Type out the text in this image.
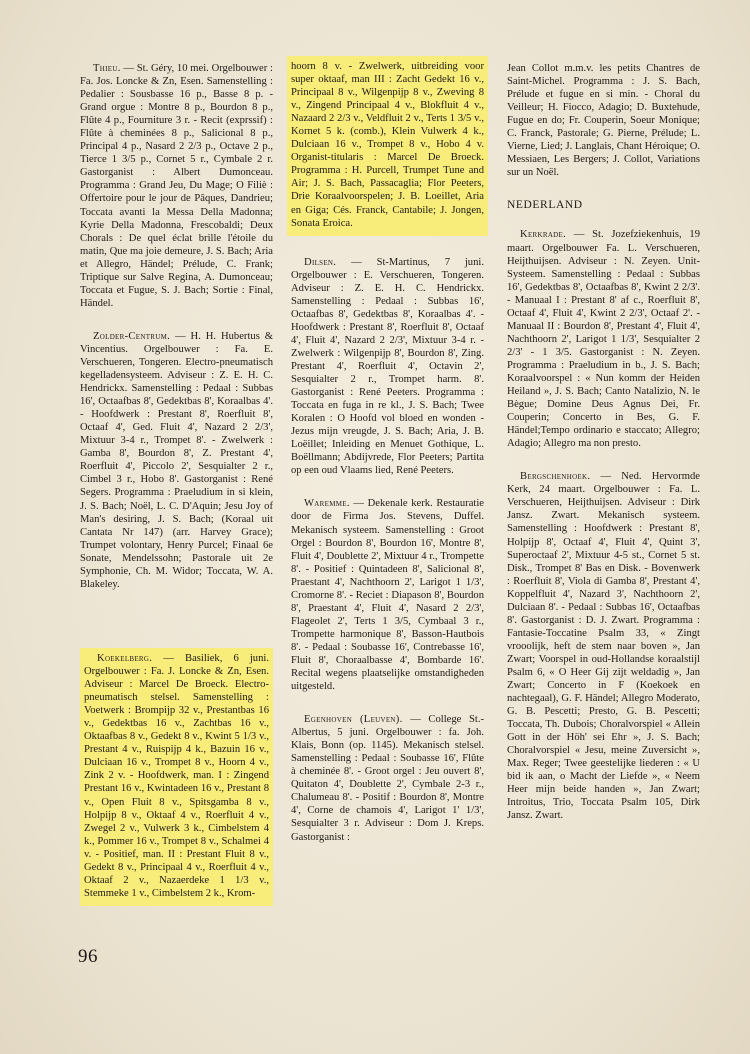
Thieu. — St. Géry, 10 mei. Orgelbouwer : Fa. Jos. Loncke & Zn, Esen. Samenstelling : Pedalier : Sousbasse 16 p., Basse 8 p. - Grand orgue : Montre 8 p., Bourdon 8 p., Flûte 4 p., Fourniture 3 r. - Recit (exprssif) : Flûte à cheminées 8 p., Salicional 8 p., Principal 4 p., Nasard 2 2/3 p., Octave 2 p., Tierce 1 3/5 p., Cornet 5 r., Cymbale 2 r. Gastorganist : Albert Dumonceau. Programma : Grand Jeu, Du Mage; O Filiè : Offertoire pour le jour de Pâques, Dandrieu; Toccata avanti la Messa Della Madonna; Kyrie Della Madonna, Frescobaldi; Deux Chorals : De quel éclat brille l'étoile du matin, Que ma joie demeure, J. S. Bach; Aria et Allegro, Händel; Prélude, C. Frank; Triptique sur Salve Regina, A. Dumonceau; Toccata et Fugue, S. J. Bach; Sortie : Final, Händel.
Zolder-Centrum. — H. H. Hubertus & Vincentius. Orgelbouwer : Fa. E. Verschueren, Tongeren. Electro-pneumatisch kegelladensysteem. Adviseur : Z. E. H. C. Hendrickx. Samenstelling : Pedaal : Subbas 16', Octaafbas 8', Gedektbas 8', Koraalbas 4'. - Hoofdwerk : Prestant 8', Roerfluit 8', Octaaf 4', Ged. Fluit 4', Nazard 2 2/3', Mixtuur 3-4 r., Trompet 8'. - Zwelwerk : Gamba 8', Bourdon 8', Z. Prestant 4', Roerfluit 4', Piccolo 2', Sesquialter 2 r., Cimbel 3 r., Hobo 8'. Gastorganist : René Segers. Programma : Praeludium in si klein, J. S. Bach; Noël, L. C. D'Aquin; Jesu Joy of Man's desiring, J. S. Bach; (Koraal uit Cantata Nr 147) (arr. Harvey Grace); Trumpet volontary, Henry Purcel; Finaal 6e Sonate, Mendelssohn; Pastorale uit 2e Symphonie, Ch. M. Widor; Toccata, W. A. Blakeley.
Koekelberg. — Basiliek, 6 juni. Orgelbouwer : Fa. J. Loncke & Zn, Esen. Adviseur : Marcel De Broeck. Electro-pneumatisch stelsel. Samenstelling : Voetwerk : Brompijp 32 v., Prestantbas 16 v., Gedektbas 16 v., Zachtbas 16 v., Oktaafbas 8 v., Gedekt 8 v., Kwint 5 1/3 v., Prestant 4 v., Ruispijp 4 k., Bazuin 16 v., Dulciaan 16 v., Trompet 8 v., Hoorn 4 v., Zink 2 v. - Hoofdwerk, man. I : Zingend Prestant 16 v., Kwintadeen 16 v., Prestant 8 v., Open Fluit 8 v., Spitsgamba 8 v., Holpijp 8 v., Oktaaf 4 v., Roerfluit 4 v., Zwegel 2 v., Vulwerk 3 k., Cimbelstem 4 k., Pommer 16 v., Trompet 8 v., Schalmei 4 v. - Positief, man. II : Prestant Fluit 8 v., Gedekt 8 v., Principaal 4 v., Roerfluit 4 v., Oktaaf 2 v., Nazaerdeke 1 1/3 v., Stemmeke 1 v., Cimbelstem 2 k., Krom-
hoorn 8 v. - Zwelwerk, uitbreiding voor super oktaaf, man III : Zacht Gedekt 16 v., Principaal 8 v., Wilgenpijp 8 v., Zweving 8 v., Zingend Principaal 4 v., Blokfluit 4 v., Nazaard 2 2/3 v., Veldfluit 2 v., Terts 1 3/5 v., Kornet 5 k. (comb.), Klein Vulwerk 4 k., Dulciaan 16 v., Trompet 8 v., Hobo 4 v. Organist-titularis : Marcel De Broeck. Programma : H. Purcell, Trumpet Tune and Air; J. S. Bach, Passacaglia; Flor Peeters, Drie Koraalvoorspelen; J. B. Loeillet, Aria en Giga; Cés. Franck, Cantabile; J. Jongen, Sonata Eroica.
Dilsen. — St-Martinus, 7 juni. Orgelbouwer : E. Verschueren, Tongeren. Adviseur : Z. E. H. C. Hendrickx. Samenstelling : Pedaal : Subbas 16', Octaafbas 8', Gedektbas 8', Koraalbas 4'. - Hoofdwerk : Prestant 8', Roerfluit 8', Octaaf 4', Fluit 4', Nazard 2 2/3', Mixtuur 3-4 r. - Zwelwerk : Wilgenpijp 8', Bourdon 8', Zing. Prestant 4', Roerfluit 4', Octavin 2', Sesquialter 2 r., Trompet harm. 8'. Gastorganist : René Peeters. Programma : Toccata en fuga in re kl., J. S. Bach; Twee Koralen : O Hoofd vol bloed en wonden - Jezus mijn vreugde, J. S. Bach; Aria, J. B. Loëillet; Inleiding en Menuet Gothique, L. Boëllmann; Abdijvrede, Flor Peeters; Partita op een oud Vlaams lied, René Peeters.
Waremme. — Dekenale kerk. Restauratie door de Firma Jos. Stevens, Duffel. Mekanisch systeem. Samenstelling : Groot Orgel : Bourdon 8', Bourdon 16', Montre 8', Fluit 4', Doublette 2', Mixtuur 4 r., Trompette 8'. - Positief : Quintadeen 8', Salicional 8', Praestant 4', Nachthoorn 2', Larigot 1 1/3', Cromorne 8'. - Reciet : Diapason 8', Bourdon 8', Praestant 4', Fluit 4', Nasard 2 2/3', Flageolet 2', Terts 1 3/5, Cymbaal 3 r., Trompette harmonique 8', Basson-Hautbois 8'. - Pedaal : Soubasse 16', Contrebasse 16', Fluit 8', Choraalbasse 4', Bombarde 16'. Recital wegens plaatselijke omstandigheden uitgesteld.
Egenhoven (Leuven). — College St.-Albertus, 5 juni. Orgelbouwer : fa. Joh. Klais, Bonn (op. 1145). Mekanisch stelsel. Samenstelling : Pedaal : Soubasse 16', Flûte à cheminée 8'. - Groot orgel : Jeu ouvert 8', Quitaton 4', Doublette 2', Cymbale 2-3 r., Chalumeau 8'. - Positif : Bourdon 8', Montre 4', Corne de chamois 4', Larigot 1' 1/3', Sesquialter 3 r. Adviseur : Dom J. Kreps. Gastorganist :
Jean Collot m.m.v. les petits Chantres de Saint-Michel. Programma : J. S. Bach, Prélude et fugue en si min. - Choral du Veilleur; H. Fiocco, Adagio; D. Buxtehude, Fugue en do; Fr. Couperin, Soeur Monique; C. Franck, Pastorale; G. Pierne, Prélude; L. Vierne, Lied; J. Langlais, Chant Héroique; O. Messiaen, Les Bergers; J. Collot, Variations sur un Noël.
NEDERLAND
Kerkrade. — St. Jozefziekenhuis, 19 maart. Orgelbouwer Fa. L. Verschueren, Heijthuijsen. Adviseur : N. Zeyen. Unit-Systeem. Samenstelling : Pedaal : Subbas 16', Gedektbas 8', Octaafbas 8', Kwint 2 2/3'. - Manuaal I : Prestant 8' af c., Roerfluit 8', Octaaf 4', Fluit 4', Kwint 2 2/3', Octaaf 2'. - Manuaal II : Bourdon 8', Prestant 4', Fluit 4', Nachthoorn 2', Larigot 1 1/3', Sesquialter 2 2/3' - 1 3/5. Gastorganist : N. Zeyen. Programma : Praeludium in b., J. S. Bach; Koraalvoorspel : « Nun komm der Heiden Heiland », J. S. Bach; Canto Natalizio, N. le Bègue; Domine Deus Agnus Dei, Fr. Couperin; Concerto in Bes, G. F. Händel;Tempo ordinario e staccato; Allegro; Adagio; Allegro ma non presto.
Bergschenhoek. — Ned. Hervormde Kerk, 24 maart. Orgelbouwer : Fa. L. Verschueren, Heijthuijsen. Adviseur : Dirk Jansz. Zwart. Mekanisch systeem. Samenstelling : Hoofdwerk : Prestant 8', Holpijp 8', Octaaf 4', Fluit 4', Quint 3', Superoctaaf 2', Mixtuur 4-5 st., Cornet 5 st. Disk., Trompet 8' Bas en Disk. - Bovenwerk : Roerfluit 8', Viola di Gamba 8', Prestant 4', Koppelfluit 4', Nazard 3', Nachthoorn 2', Dulciaan 8'. - Pedaal : Subbas 16', Octaafbas 8'. Gastorganist : D. J. Zwart. Programma : Fantasie-Toccatine Psalm 33, « Zingt vrooolijk, heft de stem naar boven », Jan Zwart; Voorspel in oud-Hollandse koraalstijl Psalm 6, « O Heer Gij zijt weldadig », Jan Zwart; Concerto in F (Koekoek en nachtegaal), G. F. Händel; Allegro Moderato, G. B. Pescetti; Presto, G. B. Pescetti; Toccata, Th. Dubois; Choralvorspiel « Allein Gott in der Höh' sei Ehr », J. S. Bach; Choralvorspiel « Jesu, meine Zuversicht », Max. Reger; Twee geestelijke liederen : « U bid ik aan, o Macht der Liefde », « Neem Heer mijn beide handen », Jan Zwart; Introitus, Trio, Toccata Psalm 105, Dirk Jansz. Zwart.
96
